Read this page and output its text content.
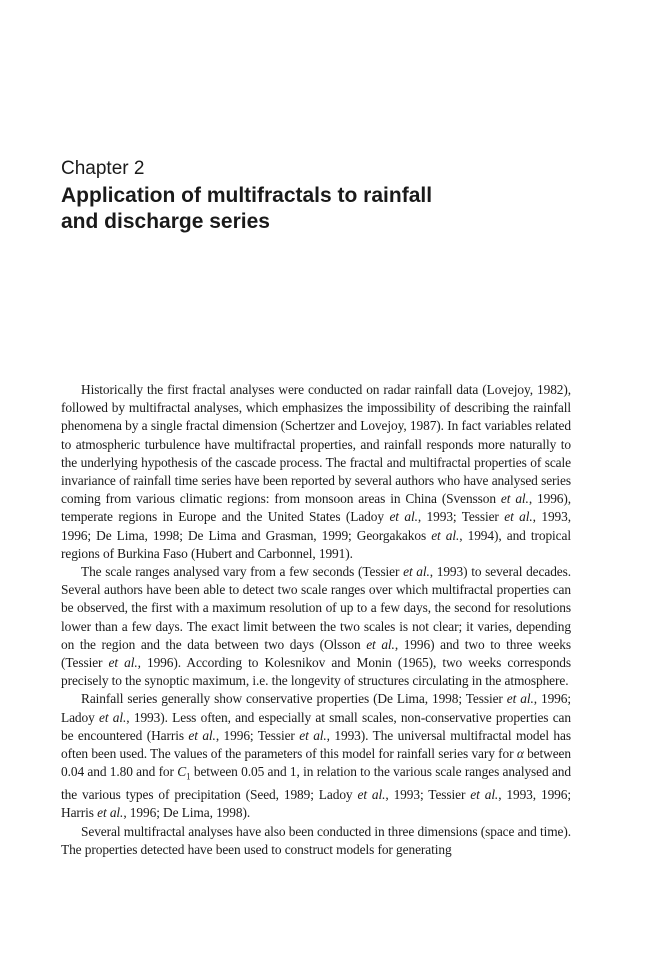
Chapter 2
Application of multifractals to rainfall
and discharge series

Historically the first fractal analyses were conducted on radar rainfall data (Lovejoy, 1982), followed by multifractal analyses, which emphasizes the impossibility of describing the rainfall phenomena by a single fractal dimension (Schertzer and Lovejoy, 1987). In fact variables related to atmospheric turbulence have multifractal properties, and rainfall responds more naturally to the underlying hypothesis of the cascade process. The fractal and multifractal properties of scale invariance of rainfall time series have been reported by several authors who have analysed series coming from various climatic regions: from monsoon areas in China (Svensson et al., 1996), temperate regions in Europe and the United States (Ladoy et al., 1993; Tessier et al., 1993, 1996; De Lima, 1998; De Lima and Grasman, 1999; Georgakakos et al., 1994), and tropical regions of Burkina Faso (Hubert and Carbonnel, 1991).

The scale ranges analysed vary from a few seconds (Tessier et al., 1993) to several decades. Several authors have been able to detect two scale ranges over which multifractal properties can be observed, the first with a maximum resolution of up to a few days, the second for resolutions lower than a few days. The exact limit between the two scales is not clear; it varies, depending on the region and the data between two days (Olsson et al., 1996) and two to three weeks (Tessier et al., 1996). According to Kolesnikov and Monin (1965), two weeks corresponds precisely to the synoptic maximum, i.e. the longevity of structures circulating in the atmosphere.

Rainfall series generally show conservative properties (De Lima, 1998; Tessier et al., 1996; Ladoy et al., 1993). Less often, and especially at small scales, non-conservative properties can be encountered (Harris et al., 1996; Tessier et al., 1993). The universal multifractal model has often been used. The values of the parameters of this model for rainfall series vary for α between 0.04 and 1.80 and for $C_1$ between 0.05 and 1, in relation to the various scale ranges analysed and the various types of precipitation (Seed, 1989; Ladoy et al., 1993; Tessier et al., 1993, 1996; Harris et al., 1996; De Lima, 1998).

Several multifractal analyses have also been conducted in three dimensions (space and time). The properties detected have been used to construct models for generating
